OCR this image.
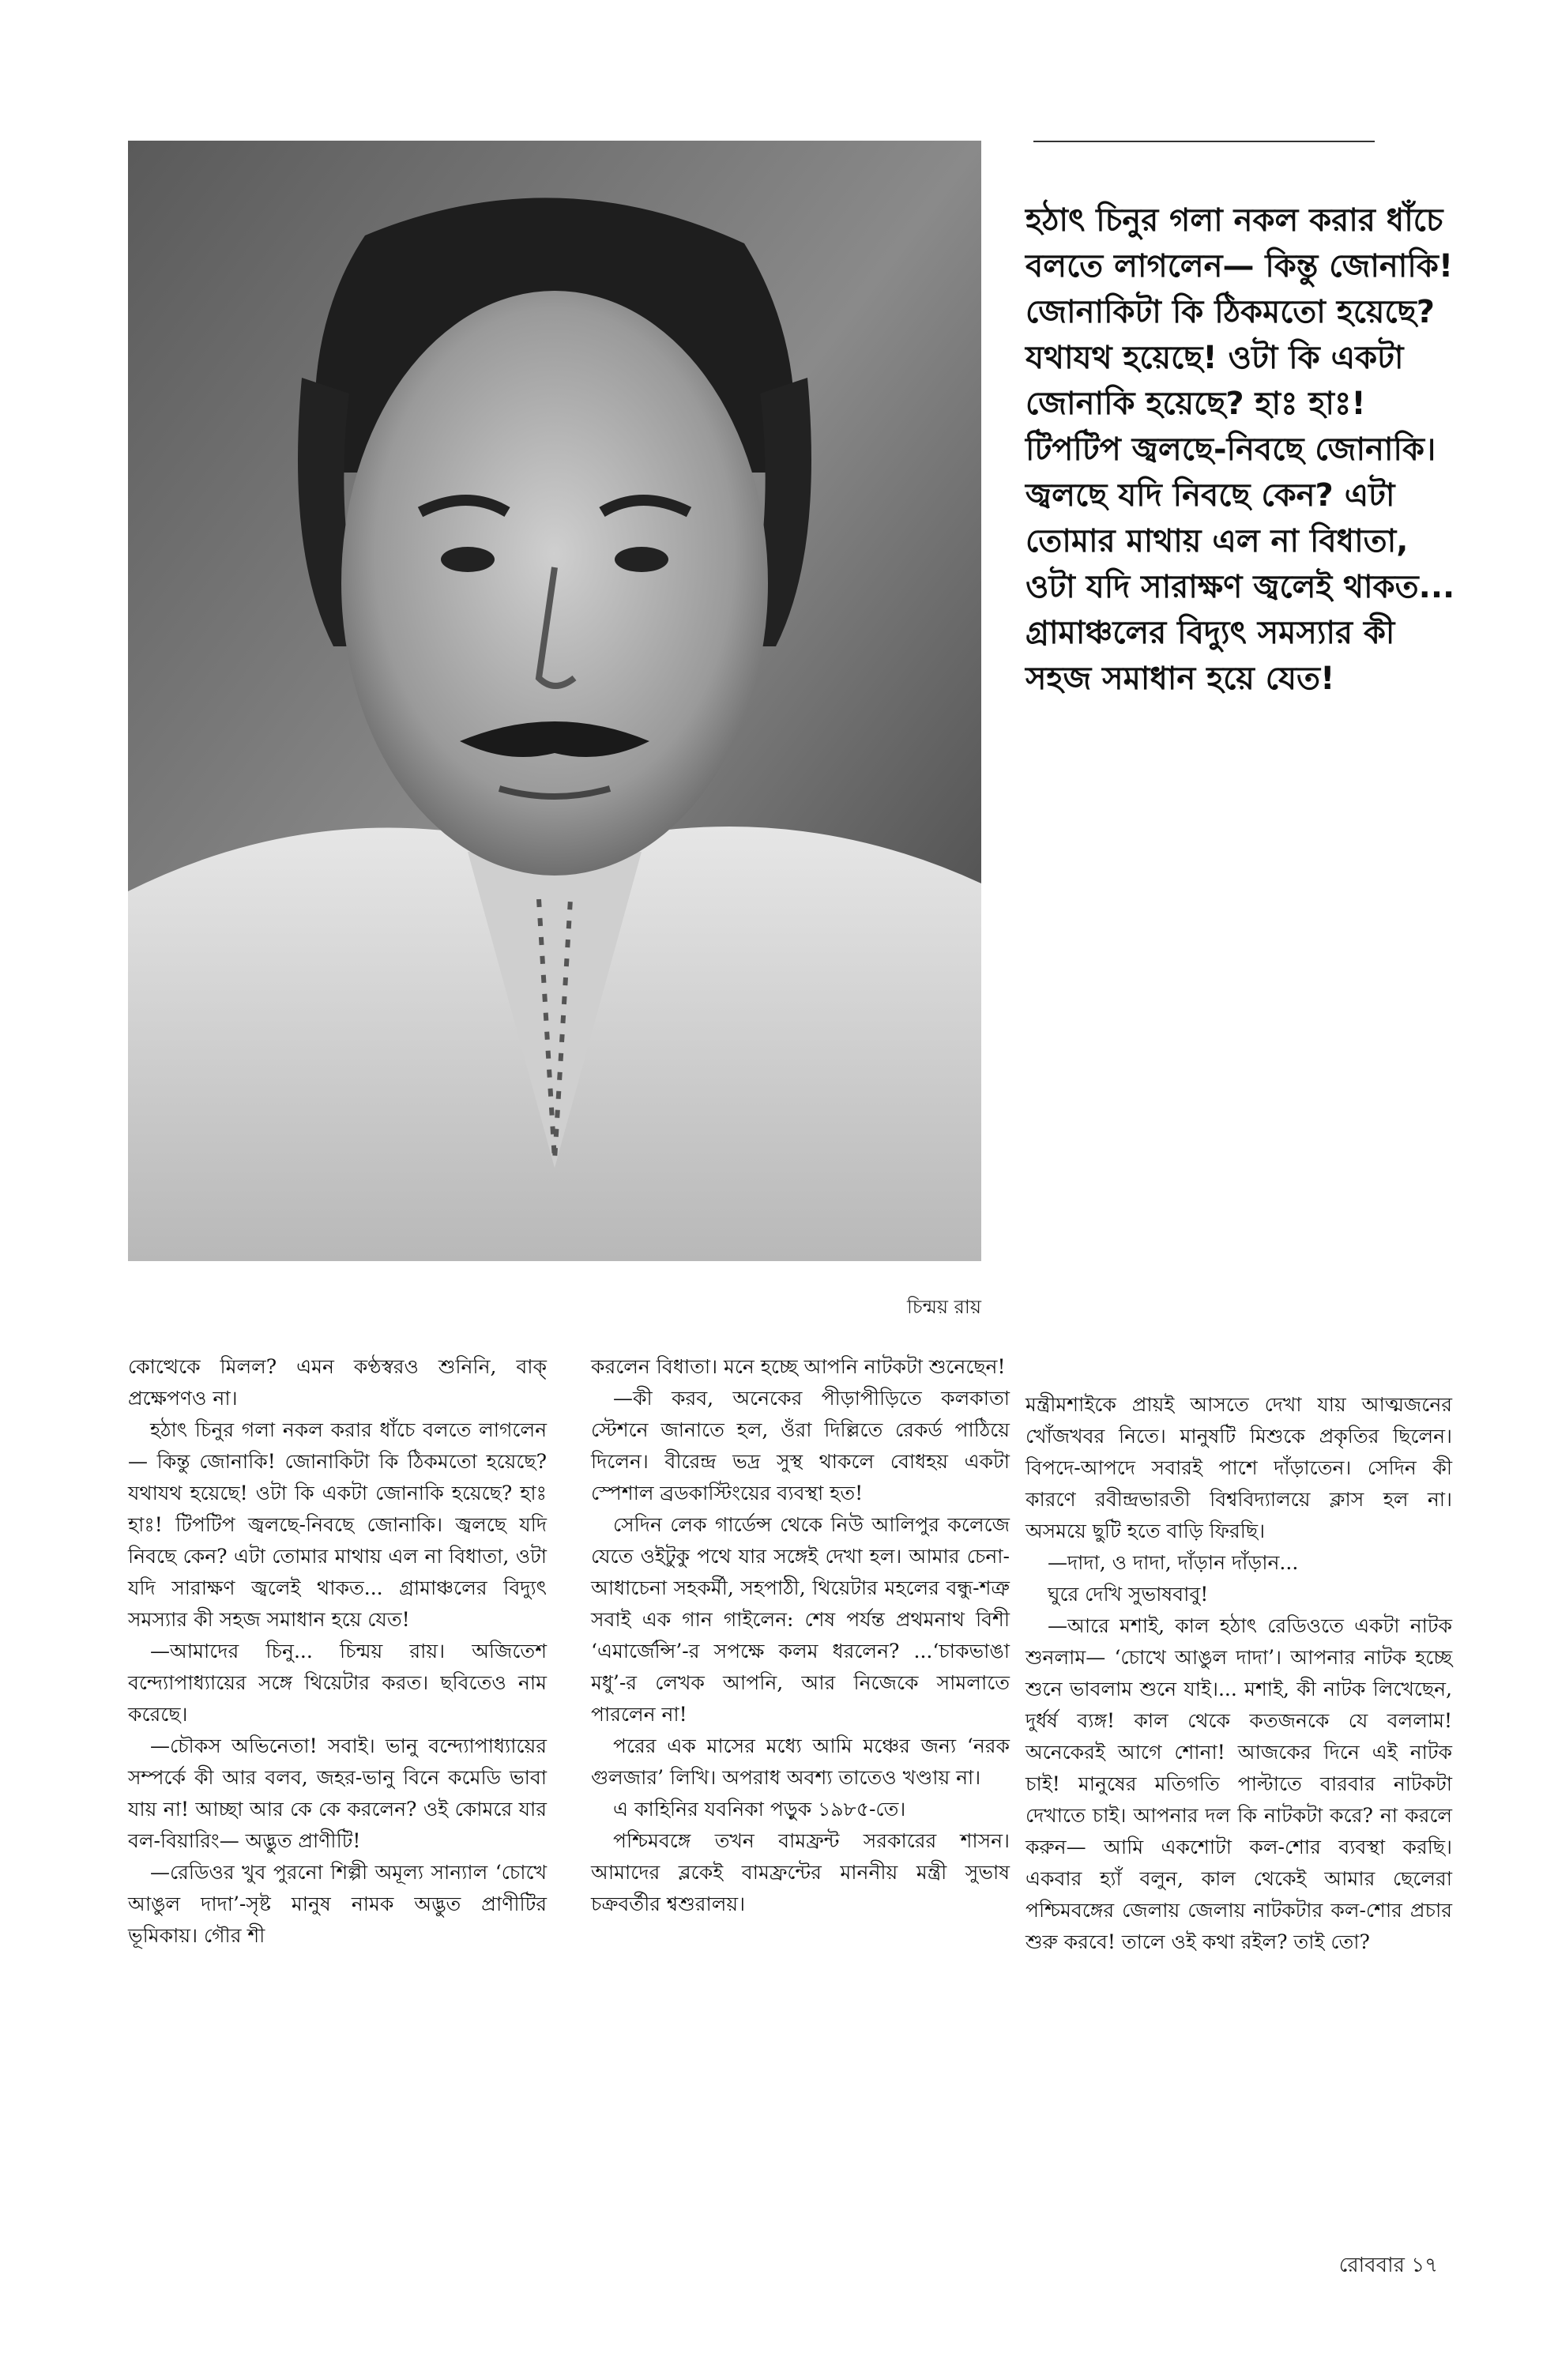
চিন্ময় রায়
হঠাৎ চিনুর গলা নকল করার ধাঁচে বলতে লাগলেন— কিন্তু জোনাকি! জোনাকিটা কি ঠিকমতো হয়েছে? যথাযথ হয়েছে! ওটা কি একটা জোনাকি হয়েছে? হাঃ হাঃ! টিপটিপ জ্বলছে-নিবছে জোনাকি। জ্বলছে যদি নিবছে কেন? এটা তোমার মাথায় এল না বিধাতা, ওটা যদি সারাক্ষণ জ্বলেই থাকত... গ্রামাঞ্চলের বিদ্যুৎ সমস্যার কী সহজ সমাধান হয়ে যেত!

কোত্থেকে মিলল? এমন কণ্ঠস্বরও শুনিনি, বাক্ প্রক্ষেপণও না।

হঠাৎ চিনুর গলা নকল করার ধাঁচে বলতে লাগলেন— কিন্তু জোনাকি! জোনাকিটা কি ঠিকমতো হয়েছে? যথাযথ হয়েছে! ওটা কি একটা জোনাকি হয়েছে? হাঃ হাঃ! টিপটিপ জ্বলছে-নিবছে জোনাকি। জ্বলছে যদি নিবছে কেন? এটা তোমার মাথায় এল না বিধাতা, ওটা যদি সারাক্ষণ জ্বলেই থাকত... গ্রামাঞ্চলের বিদ্যুৎ সমস্যার কী সহজ সমাধান হয়ে যেত!

—আমাদের চিনু... চিন্ময় রায়। অজিতেশ বন্দ্যোপাধ্যায়ের সঙ্গে থিয়েটার করত। ছবিতেও নাম করেছে।

—চৌকস অভিনেতা! সবাই। ভানু বন্দ্যোপাধ্যায়ের সম্পর্কে কী আর বলব, জহর-ভানু বিনে কমেডি ভাবা যায় না! আচ্ছা আর কে কে করলেন? ওই কোমরে যার বল-বিয়ারিং— অদ্ভুত প্রাণীটি!

—রেডিওর খুব পুরনো শিল্পী অমূল্য সান্যাল ‘চোখে আঙুল দাদা’-সৃষ্ট মানুষ নামক অদ্ভুত প্রাণীটির ভূমিকায়। গৌর শী

করলেন বিধাতা। মনে হচ্ছে আপনি নাটকটা শুনেছেন!

—কী করব, অনেকের পীড়াপীড়িতে কলকাতা স্টেশনে জানাতে হল, ওঁরা দিল্লিতে রেকর্ড পাঠিয়ে দিলেন। বীরেন্দ্র ভদ্র সুস্থ থাকলে বোধহয় একটা স্পেশাল ব্রডকাস্টিংয়ের ব্যবস্থা হত!

সেদিন লেক গার্ডেন্স থেকে নিউ আলিপুর কলেজে যেতে ওইটুকু পথে যার সঙ্গেই দেখা হল। আমার চেনা-আধাচেনা সহকর্মী, সহপাঠী, থিয়েটার মহলের বন্ধু-শত্রু সবাই এক গান গাইলেন: শেষ পর্যন্ত প্রথমনাথ বিশী ‘এমার্জেন্সি’-র সপক্ষে কলম ধরলেন? ...‘চাকভাঙা মধু’-র লেখক আপনি, আর নিজেকে সামলাতে পারলেন না!

পরের এক মাসের মধ্যে আমি মঞ্চের জন্য ‘নরক গুলজার’ লিখি। অপরাধ অবশ্য তাতেও খণ্ডায় না।

এ কাহিনির যবনিকা পড়ুক ১৯৮৫-তে।

পশ্চিমবঙ্গে তখন বামফ্রন্ট সরকারের শাসন। আমাদের ব্লকেই বামফ্রন্টের মাননীয় মন্ত্রী সুভাষ চক্রবর্তীর শ্বশুরালয়।

মন্ত্রীমশাইকে প্রায়ই আসতে দেখা যায় আত্মজনের খোঁজখবর নিতে। মানুষটি মিশুকে প্রকৃতির ছিলেন। বিপদে-আপদে সবারই পাশে দাঁড়াতেন। সেদিন কী কারণে রবীন্দ্রভারতী বিশ্ববিদ্যালয়ে ক্লাস হল না। অসময়ে ছুটি হতে বাড়ি ফিরছি।

—দাদা, ও দাদা, দাঁড়ান দাঁড়ান...

ঘুরে দেখি সুভাষবাবু!

—আরে মশাই, কাল হঠাৎ রেডিওতে একটা নাটক শুনলাম— ‘চোখে আঙুল দাদা’। আপনার নাটক হচ্ছে শুনে ভাবলাম শুনে যাই।... মশাই, কী নাটক লিখেছেন, দুর্ধর্ষ ব্যঙ্গ! কাল থেকে কতজনকে যে বললাম! অনেকেরই আগে শোনা! আজকের দিনে এই নাটক চাই! মানুষের মতিগতি পাল্টাতে বারবার নাটকটা দেখাতে চাই। আপনার দল কি নাটকটা করে? না করলে করুন— আমি একশোটা কল-শোর ব্যবস্থা করছি। একবার হ্যাঁ বলুন, কাল থেকেই আমার ছেলেরা পশ্চিমবঙ্গের জেলায় জেলায় নাটকটার কল-শোর প্রচার শুরু করবে! তালে ওই কথা রইল? তাই তো?

রোববার ১৭
